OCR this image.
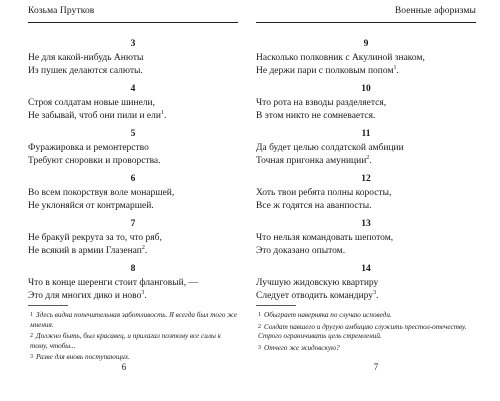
Козьма Прутков
3
Не для какой-нибудь Анюты
Из пушек делаются салюты.
4
Строя солдатам новые шинели,
Не забывай, чтоб они пили и ели$^1$.
5
Фуражировка и ремонтерство
Требуют сноровки и проворства.
6
Во всем покорствуя воле монаршей,
Не уклоняйся от контрмаршей.
7
Не бракуй рекрута за то, что ряб,
Не всякий в армии Глазенап$^2$.
8
Что в конце шеренги стоит фланговый, —
Это для многих дико и ново$^3$.
$^1$ Здесь видна попечительная заботливость. Я всегда был того же мнения.
$^2$ Должно быть, был красавец, и прилагал поэтому все силы к тому, чтобы...
$^3$ Разве для вновь поступающих.
6
Военные афоризмы
9
Насколько полковник с Акулиной знаком,
Не держи пари с полковым попом$^1$.
10
Что рота на взводы разделяется,
В этом никто не сомневается.
11
Да будет целью солдатской амбиции
Точная пригонка амуниции$^2$.
12
Хоть твои ребята полны коросты,
Все ж годятся на аванпосты.
13
Что нельзя командовать шепотом,
Это доказано опытом.
14
Лучшую жидовскую квартиру
Следует отводить командиру$^3$.
$^1$ Обыграет наверняка по случаю исповеди.
$^2$ Солдат павшего и другую амбицию служить престол-отечеству. Строго ограничивать цель стремлений.
$^3$ Отчего же жидовскую?
7
